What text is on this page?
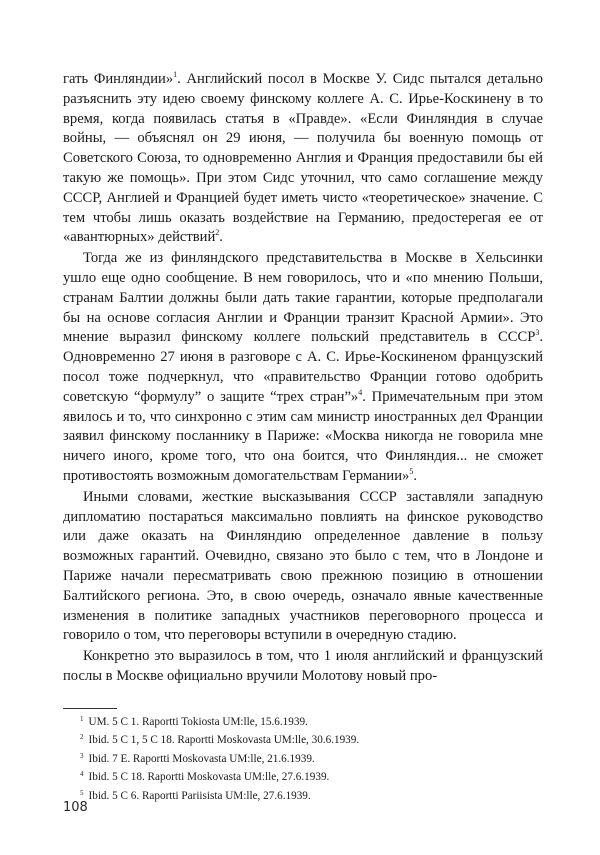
гать Финляндии»$^1$. Английский посол в Москве У. Сидс пытался детально разъяснить эту идею своему финскому коллеге А. С. Ирье-Коскинену в то время, когда появилась статья в «Правде». «Если Финляндия в случае войны, — объяснял он 29 июня, — получила бы военную помощь от Советского Союза, то одновременно Англия и Франция предоставили бы ей такую же помощь». При этом Сидс уточнил, что само соглашение между СССР, Англией и Францией будет иметь чисто «теоретическое» значение. С тем чтобы лишь оказать воздействие на Германию, предостерегая ее от «авантюрных» действий$^2$.

Тогда же из финляндского представительства в Москве в Хельсинки ушло еще одно сообщение. В нем говорилось, что и «по мнению Польши, странам Балтии должны были дать такие гарантии, которые предполагали бы на основе согласия Англии и Франции транзит Красной Армии». Это мнение выразил финскому коллеге польский представитель в СССР$^3$. Одновременно 27 июня в разговоре с А. С. Ирье-Коскиненом французский посол тоже подчеркнул, что «правительство Франции готово одобрить советскую “формулу” о защите “трех стран”»$^4$. Примечательным при этом явилось и то, что синхронно с этим сам министр иностранных дел Франции заявил финскому посланнику в Париже: «Москва никогда не говорила мне ничего иного, кроме того, что она боится, что Финляндия... не сможет противостоять возможным домогательствам Германии»$^5$.

Иными словами, жесткие высказывания СССР заставляли западную дипломатию постараться максимально повлиять на финское руководство или даже оказать на Финляндию определенное давление в пользу возможных гарантий. Очевидно, связано это было с тем, что в Лондоне и Париже начали пересматривать свою прежнюю позицию в отношении Балтийского региона. Это, в свою очередь, означало явные качественные изменения в политике западных участников переговорного процесса и говорило о том, что переговоры вступили в очередную стадию.

Конкретно это выразилось в том, что 1 июля английский и французский послы в Москве официально вручили Молотову новый про-

$^1$ UM. 5 C 1. Raportti Tokiosta UM:lle, 15.6.1939.
$^2$ Ibid. 5 C 1, 5 C 18. Raportti Moskovasta UM:lle, 30.6.1939.
$^3$ Ibid. 7 E. Raportti Moskovasta UM:lle, 21.6.1939.
$^4$ Ibid. 5 C 18. Raportti Moskovasta UM:lle, 27.6.1939.
$^5$ Ibid. 5 C 6. Raportti Pariisista UM:lle, 27.6.1939.
108
